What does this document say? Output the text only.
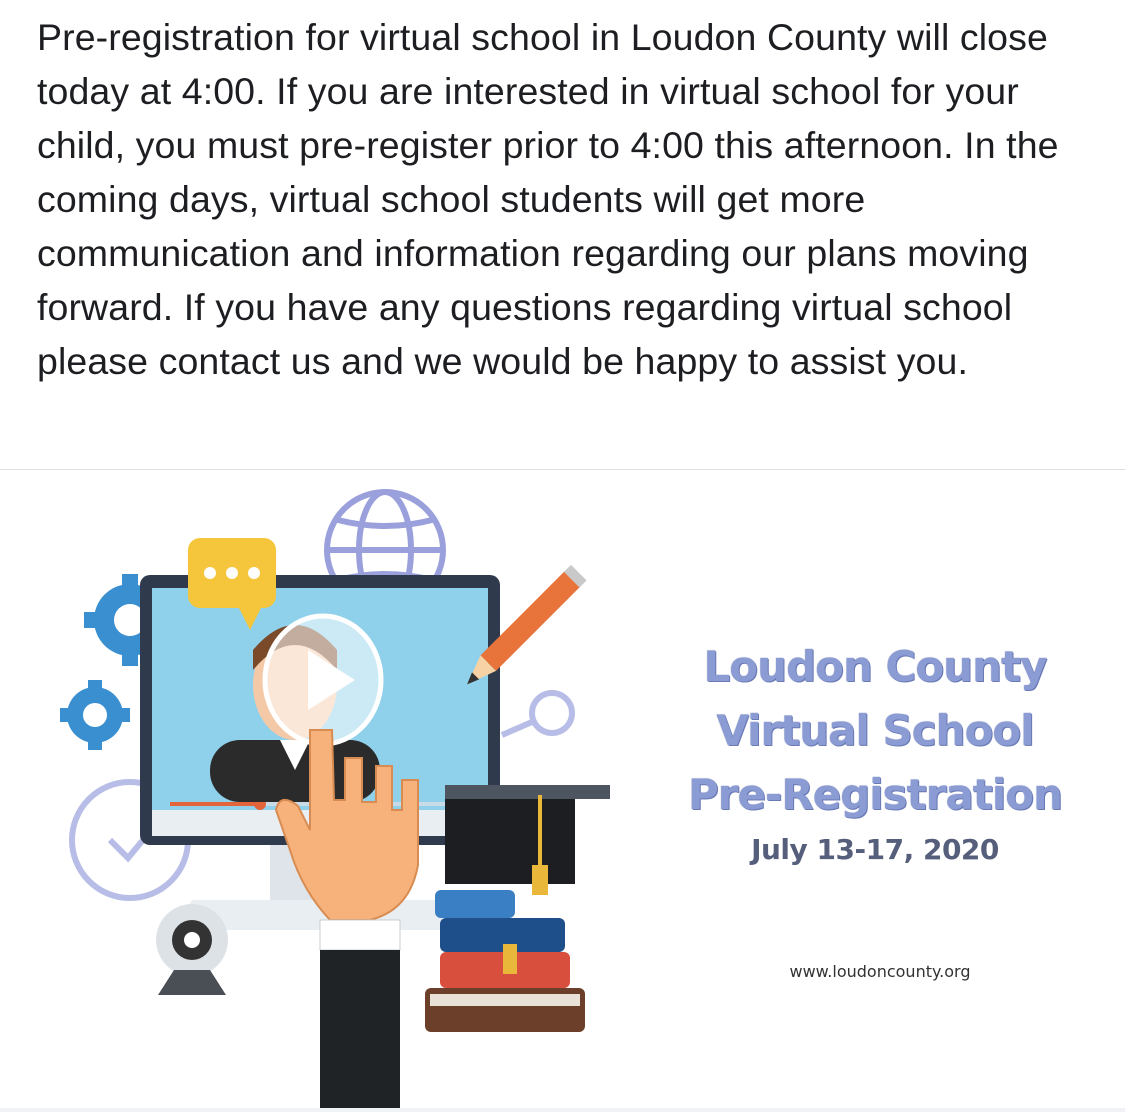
Pre-registration for virtual school in Loudon County will close today at 4:00. If you are interested in virtual school for your child, you must pre-register prior to 4:00 this afternoon. In the coming days, virtual school students will get more communication and information regarding our plans moving forward. If you have any questions regarding virtual school please contact us and we would be happy to assist you.
Loudon County
Virtual School
Pre-Registration
July 13-17, 2020
www.loudoncounty.org
